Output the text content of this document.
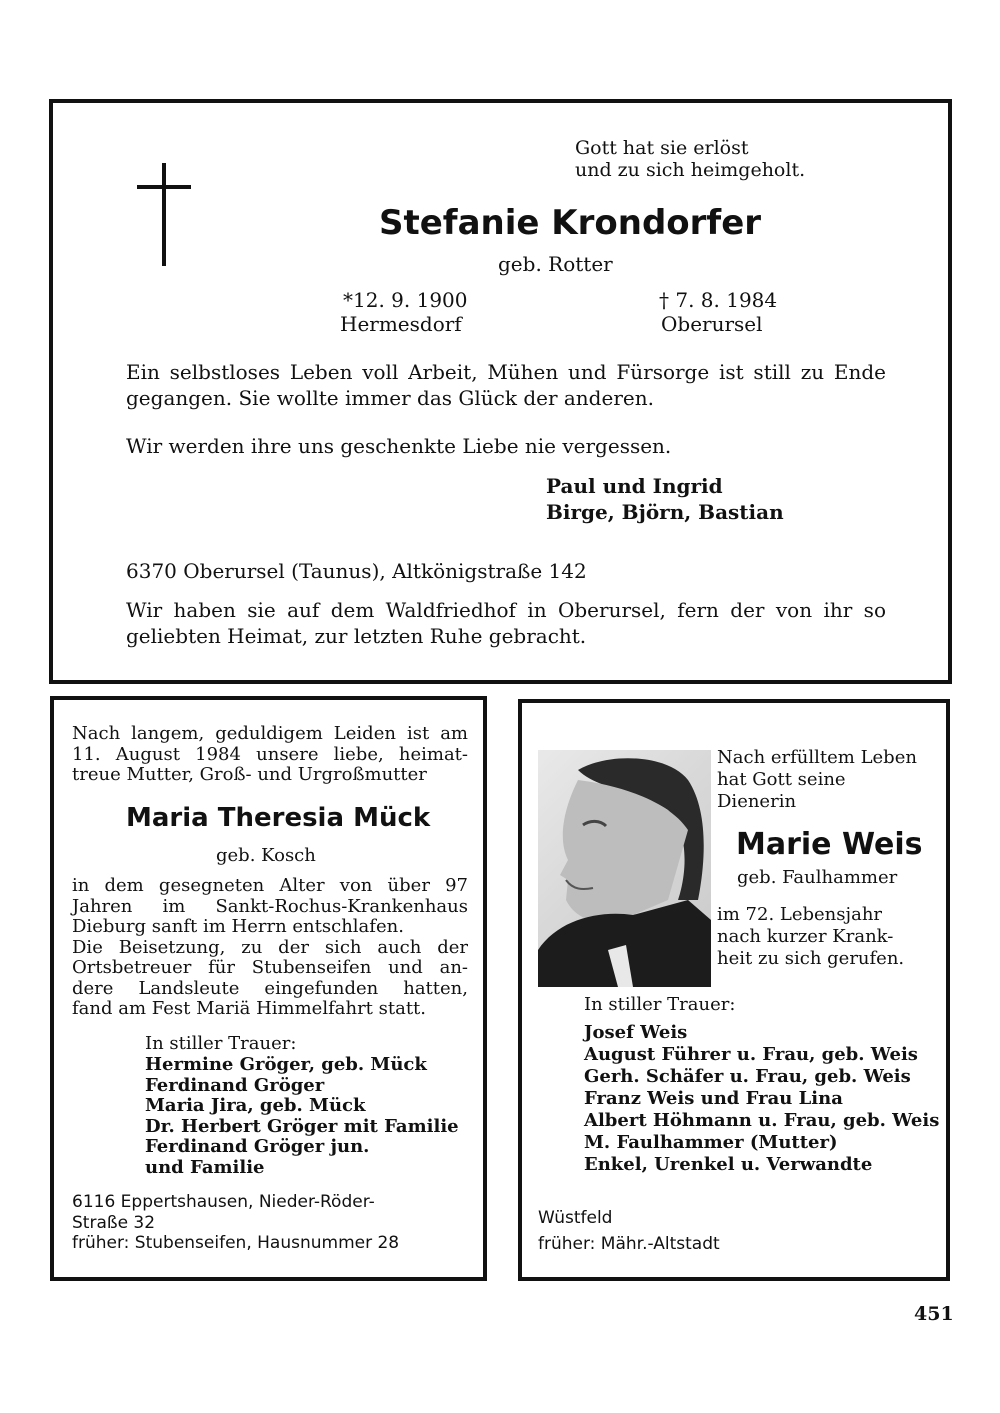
Gott hat sie erlöst
und zu sich heimgeholt.
Stefanie Krondorfer
geb. Rotter
*12. 9. 1900
Hermesdorf
† 7. 8. 1984
Oberursel
Ein selbstloses Leben voll Arbeit, Mühen und Fürsorge ist still zu Ende gegangen. Sie wollte immer das Glück der anderen.
Wir werden ihre uns geschenkte Liebe nie vergessen.
Paul und Ingrid
Birge, Björn, Bastian
6370 Oberursel (Taunus), Altkönigstraße 142
Wir haben sie auf dem Waldfriedhof in Oberursel, fern der von ihr so geliebten Heimat, zur letzten Ruhe gebracht.
Nach langem, geduldigem Leiden ist am
11. August 1984 unsere liebe, heimat-
treue Mutter, Groß- und Urgroßmutter
Maria Theresia Mück
geb. Kosch
in dem gesegneten Alter von über 97
Jahren im Sankt-Rochus-Krankenhaus
Dieburg sanft im Herrn entschlafen.
Die Beisetzung, zu der sich auch der
Ortsbetreuer für Stubenseifen und an-
dere Landsleute eingefunden hatten,
fand am Fest Mariä Himmelfahrt statt.
In stiller Trauer:
Hermine Gröger, geb. Mück
Ferdinand Gröger
Maria Jira, geb. Mück
Dr. Herbert Gröger mit Familie
Ferdinand Gröger jun.
und Familie
6116 Eppertshausen, Nieder-Röder-
Straße 32
früher: Stubenseifen, Hausnummer 28
Nach erfülltem Leben
hat Gott seine
Dienerin
Marie Weis
geb. Faulhammer
im 72. Lebensjahr
nach kurzer Krank-
heit zu sich gerufen.
In stiller Trauer:
Josef Weis
August Führer u. Frau, geb. Weis
Gerh. Schäfer u. Frau, geb. Weis
Franz Weis und Frau Lina
Albert Höhmann u. Frau, geb. Weis
M. Faulhammer (Mutter)
Enkel, Urenkel u. Verwandte
Wüstfeld
früher: Mähr.-Altstadt
451
